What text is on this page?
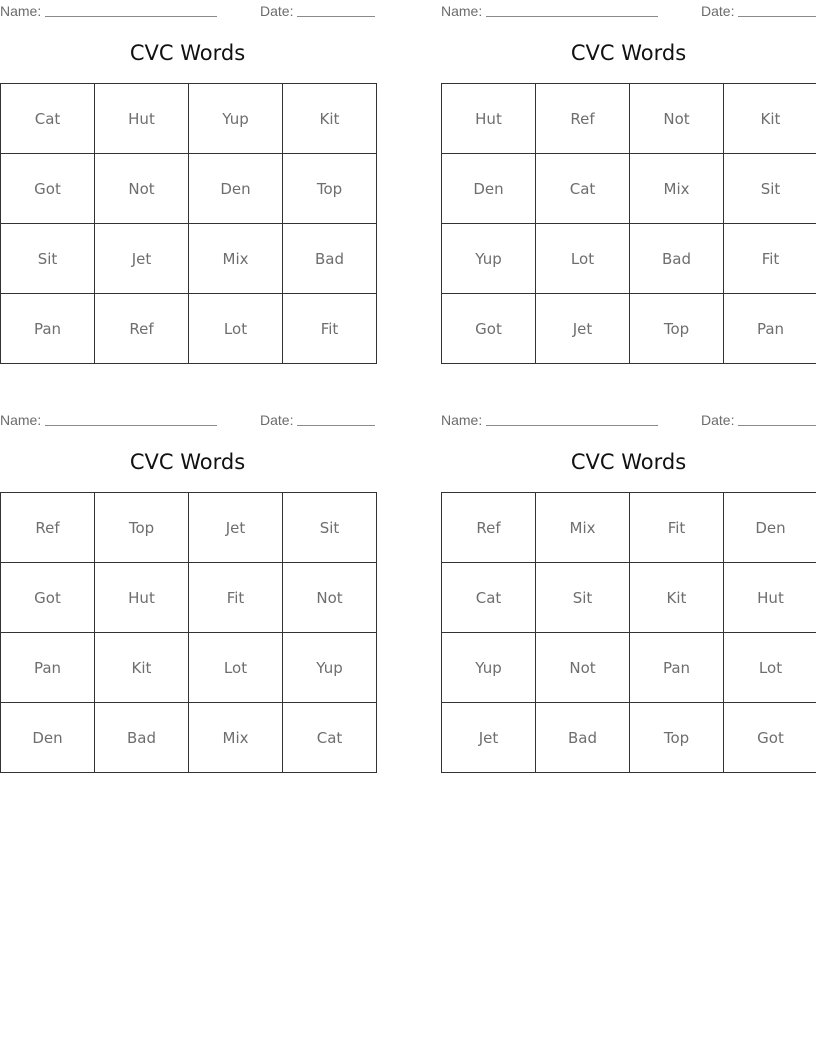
Name:	Date:
CVC Words
Cat	Hut	Yup	Kit
Got	Not	Den	Top
Sit	Jet	Mix	Bad
Pan	Ref	Lot	Fit
Name:	Date:
CVC Words
Hut	Ref	Not	Kit
Den	Cat	Mix	Sit
Yup	Lot	Bad	Fit
Got	Jet	Top	Pan
Name:	Date:
CVC Words
Ref	Top	Jet	Sit
Got	Hut	Fit	Not
Pan	Kit	Lot	Yup
Den	Bad	Mix	Cat
Name:	Date:
CVC Words
Ref	Mix	Fit	Den
Cat	Sit	Kit	Hut
Yup	Not	Pan	Lot
Jet	Bad	Top	Got
